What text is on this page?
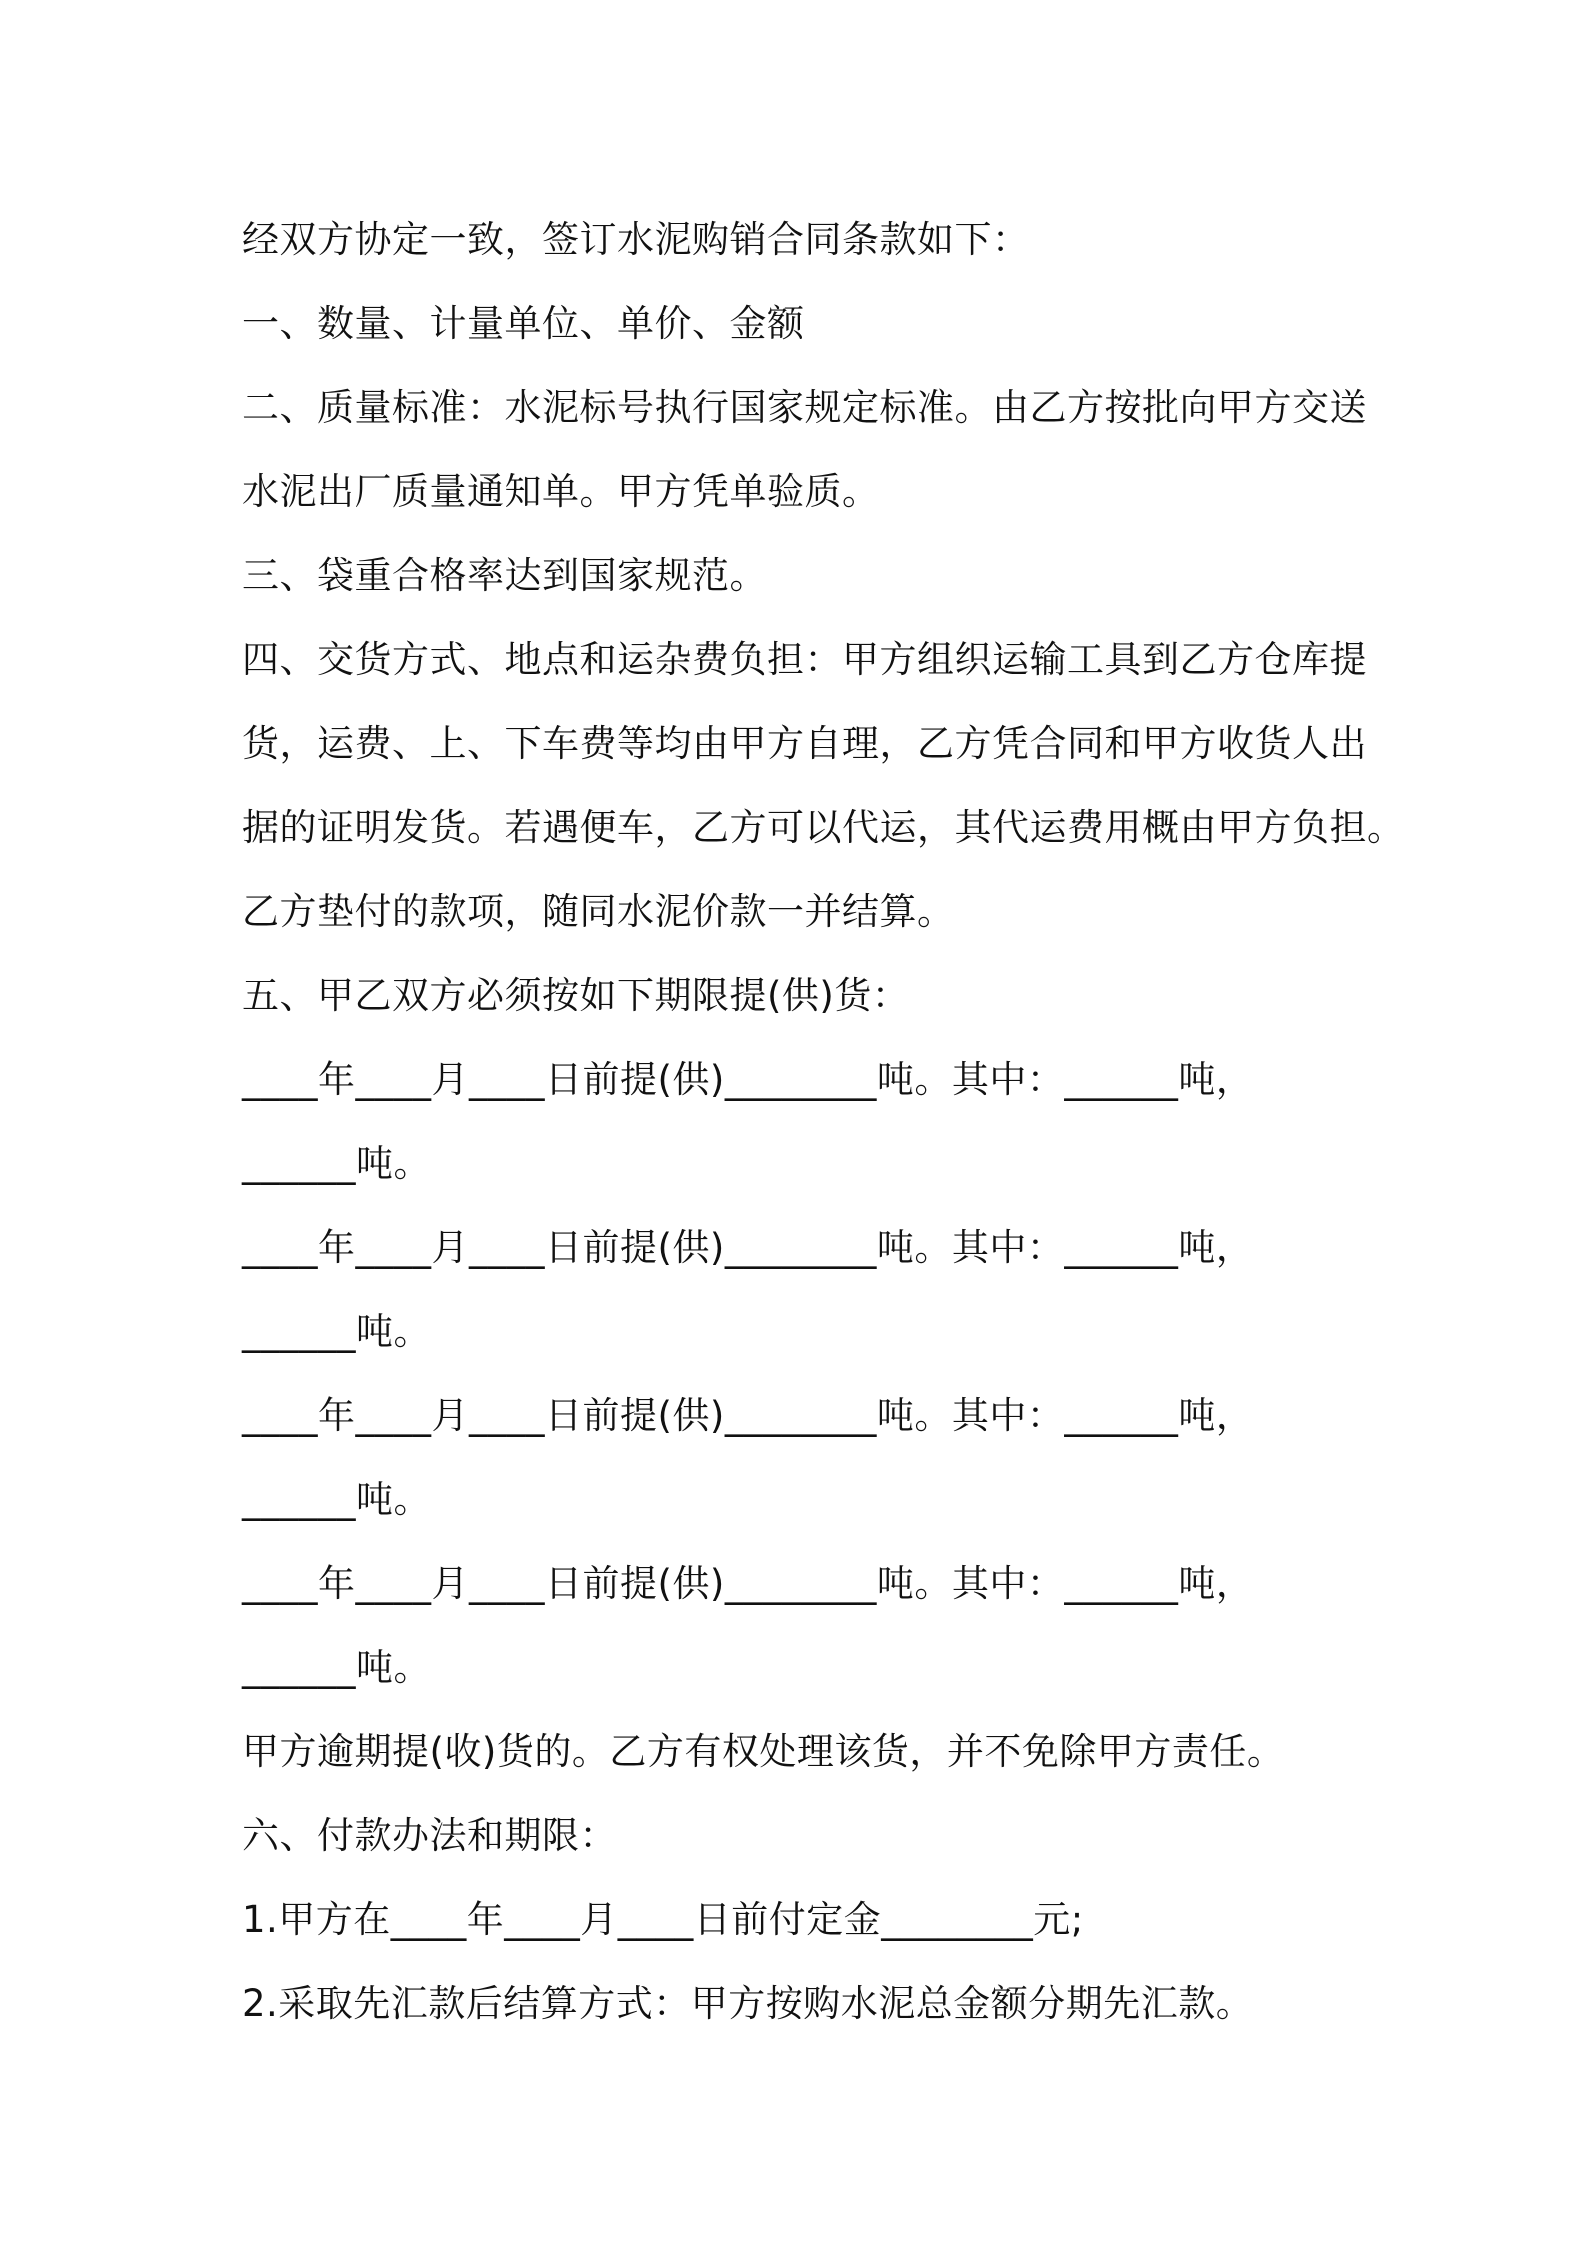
经双方协定一致，签订水泥购销合同条款如下：
一、数量、计量单位、单价、金额
二、质量标准：水泥标号执行国家规定标准。由乙方按批向甲方交送
水泥出厂质量通知单。甲方凭单验质。
三、袋重合格率达到国家规范。
四、交货方式、地点和运杂费负担：甲方组织运输工具到乙方仓库提
货，运费、上、下车费等均由甲方自理，乙方凭合同和甲方收货人出
据的证明发货。若遇便车，乙方可以代运，其代运费用概由甲方负担。
乙方垫付的款项，随同水泥价款一并结算。
五、甲乙双方必须按如下期限提(供)货：
____年____月____日前提(供)________吨。其中：______吨，
______吨。
____年____月____日前提(供)________吨。其中：______吨，
______吨。
____年____月____日前提(供)________吨。其中：______吨，
______吨。
____年____月____日前提(供)________吨。其中：______吨，
______吨。
甲方逾期提(收)货的。乙方有权处理该货，并不免除甲方责任。
六、付款办法和期限：
1.甲方在____年____月____日前付定金________元;
2.采取先汇款后结算方式：甲方按购水泥总金额分期先汇款。
